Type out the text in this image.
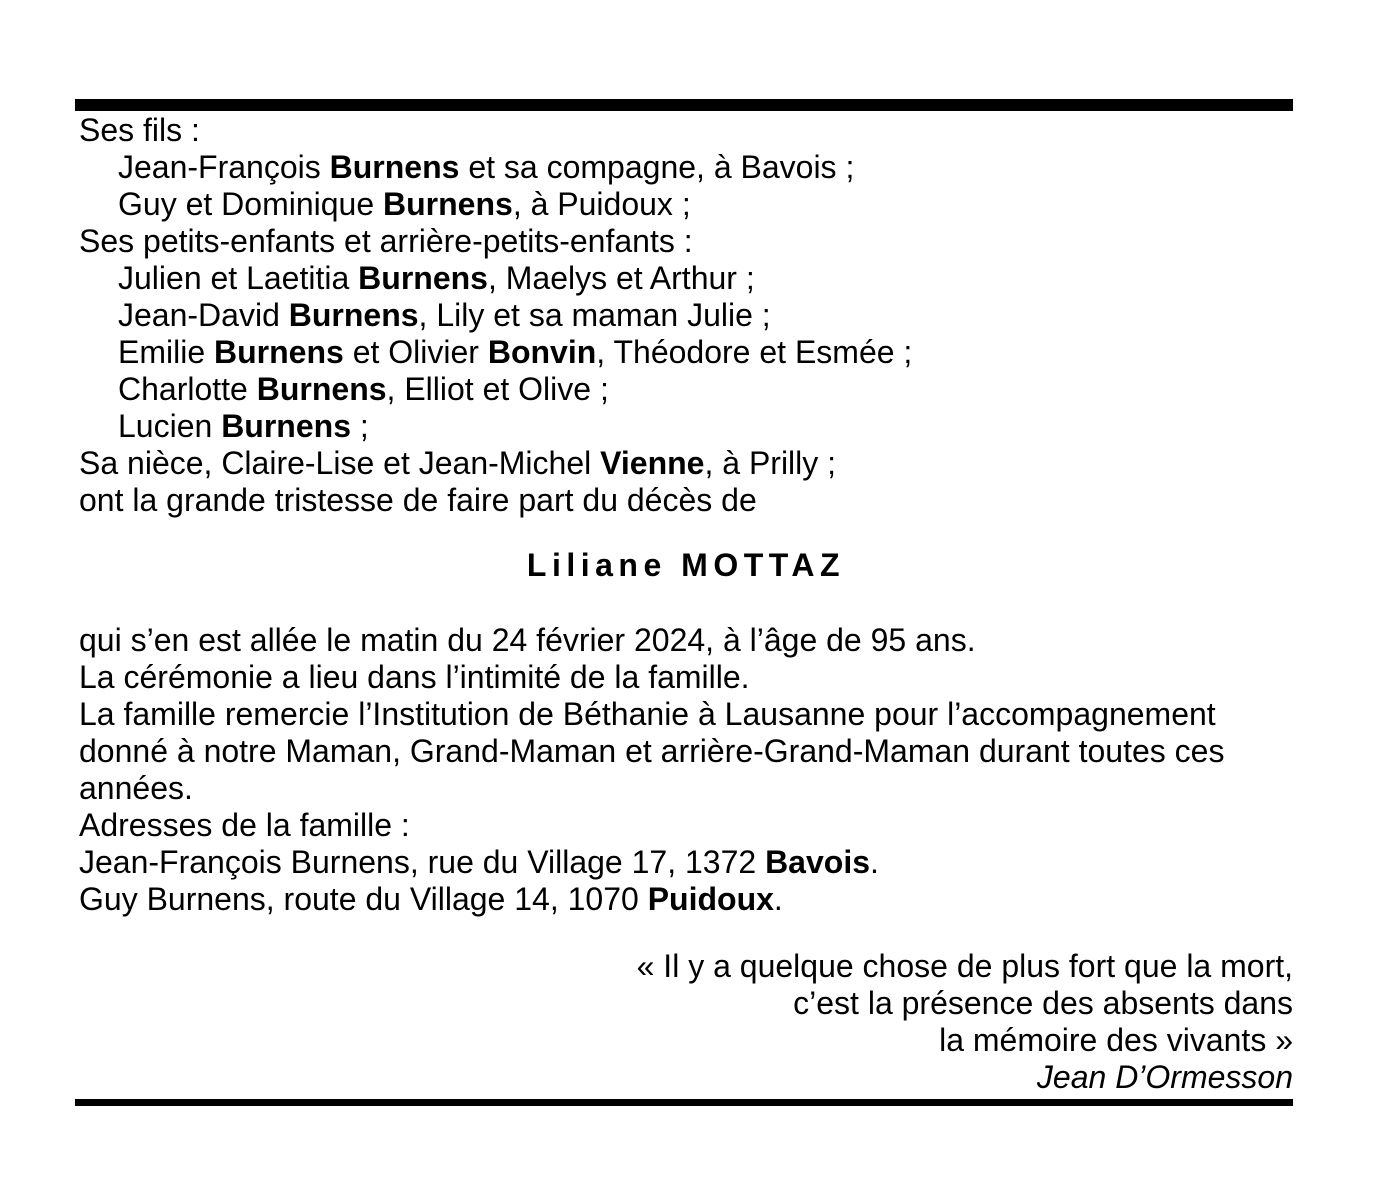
Ses fils :
Jean-François Burnens et sa compagne, à Bavois ;
Guy et Dominique Burnens, à Puidoux ;
Ses petits-enfants et arrière-petits-enfants :
Julien et Laetitia Burnens, Maelys et Arthur ;
Jean-David Burnens, Lily et sa maman Julie ;
Emilie Burnens et Olivier Bonvin, Théodore et Esmée ;
Charlotte Burnens, Elliot et Olive ;
Lucien Burnens ;
Sa nièce, Claire-Lise et Jean-Michel Vienne, à Prilly ;
ont la grande tristesse de faire part du décès de
Liliane MOTTAZ
qui s’en est allée le matin du 24 février 2024, à l’âge de 95 ans.
La cérémonie a lieu dans l’intimité de la famille.
La famille remercie l’Institution de Béthanie à Lausanne pour l’accompagnement
donné à notre Maman, Grand-Maman et arrière-Grand-Maman durant toutes ces
années.
Adresses de la famille :
Jean-François Burnens, rue du Village 17, 1372 Bavois.
Guy Burnens, route du Village 14, 1070 Puidoux.
« Il y a quelque chose de plus fort que la mort,
c’est la présence des absents dans
la mémoire des vivants »
Jean D’Ormesson
